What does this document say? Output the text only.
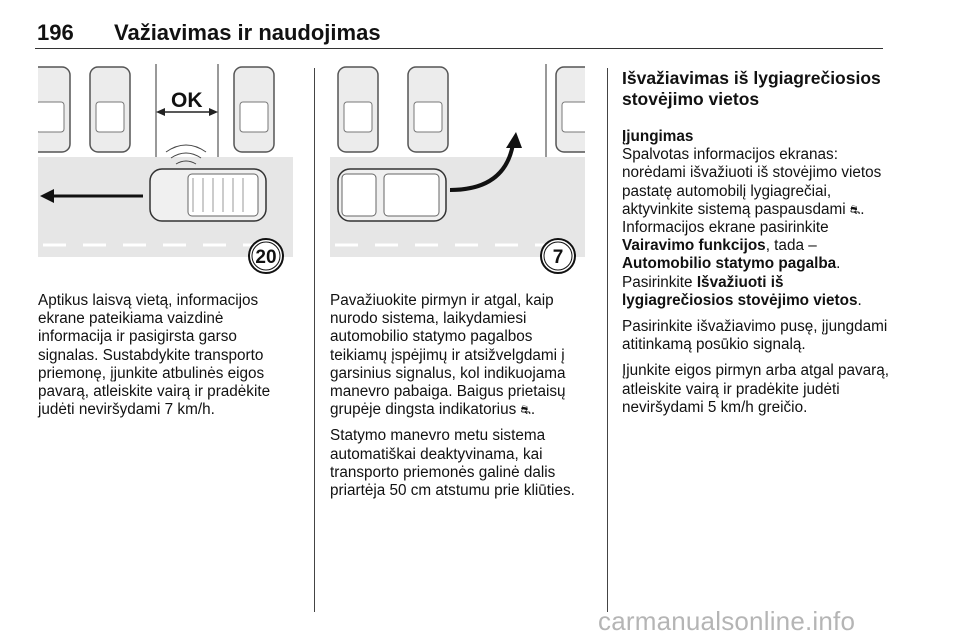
196 Važiavimas ir naudojimas
OK
20	7

Aptikus laisvą vietą, informacijos ekrane pateikiama vaizdinė informacija ir pasigirsta garso signalas. Sustabdykite transporto priemonę, įjunkite atbulinės eigos pavarą, atleiskite vairą ir pradėkite judėti neviršydami 7 km/h.

Pavažiuokite pirmyn ir atgal, kaip nurodo sistema, laikydamiesi automobilio statymo pagalbos teikiamų įspėjimų ir atsižvelgdami į garsinius signalus, kol indikuojama manevro pabaiga. Baigus prietaisų grupėje dingsta indikatorius ⛐.

Statymo manevro metu sistema automatiškai deaktyvinama, kai transporto priemonės galinė dalis priartėja 50 cm atstumu prie kliūties.

Išvažiavimas iš lygiagrečiosios stovėjimo vietos
Įjungimas

Spalvotas informacijos ekranas: norėdami išvažiuoti iš stovėjimo vietos pastatę automobilį lygiagrečiai, aktyvinkite sistemą paspausdami ⛐. Informacijos ekrane pasirinkite
Vairavimo funkcijos, tada –
Automobilio statymo pagalba. Pasirinkite Išvažiuoti iš lygiagrečiosios stovėjimo vietos.

Pasirinkite išvažiavimo pusę, įjungdami atitinkamą posūkio signalą.

Įjunkite eigos pirmyn arba atgal pavarą, atleiskite vairą ir pradėkite judėti neviršydami 5 km/h greičio.

carmanualsonline.info
